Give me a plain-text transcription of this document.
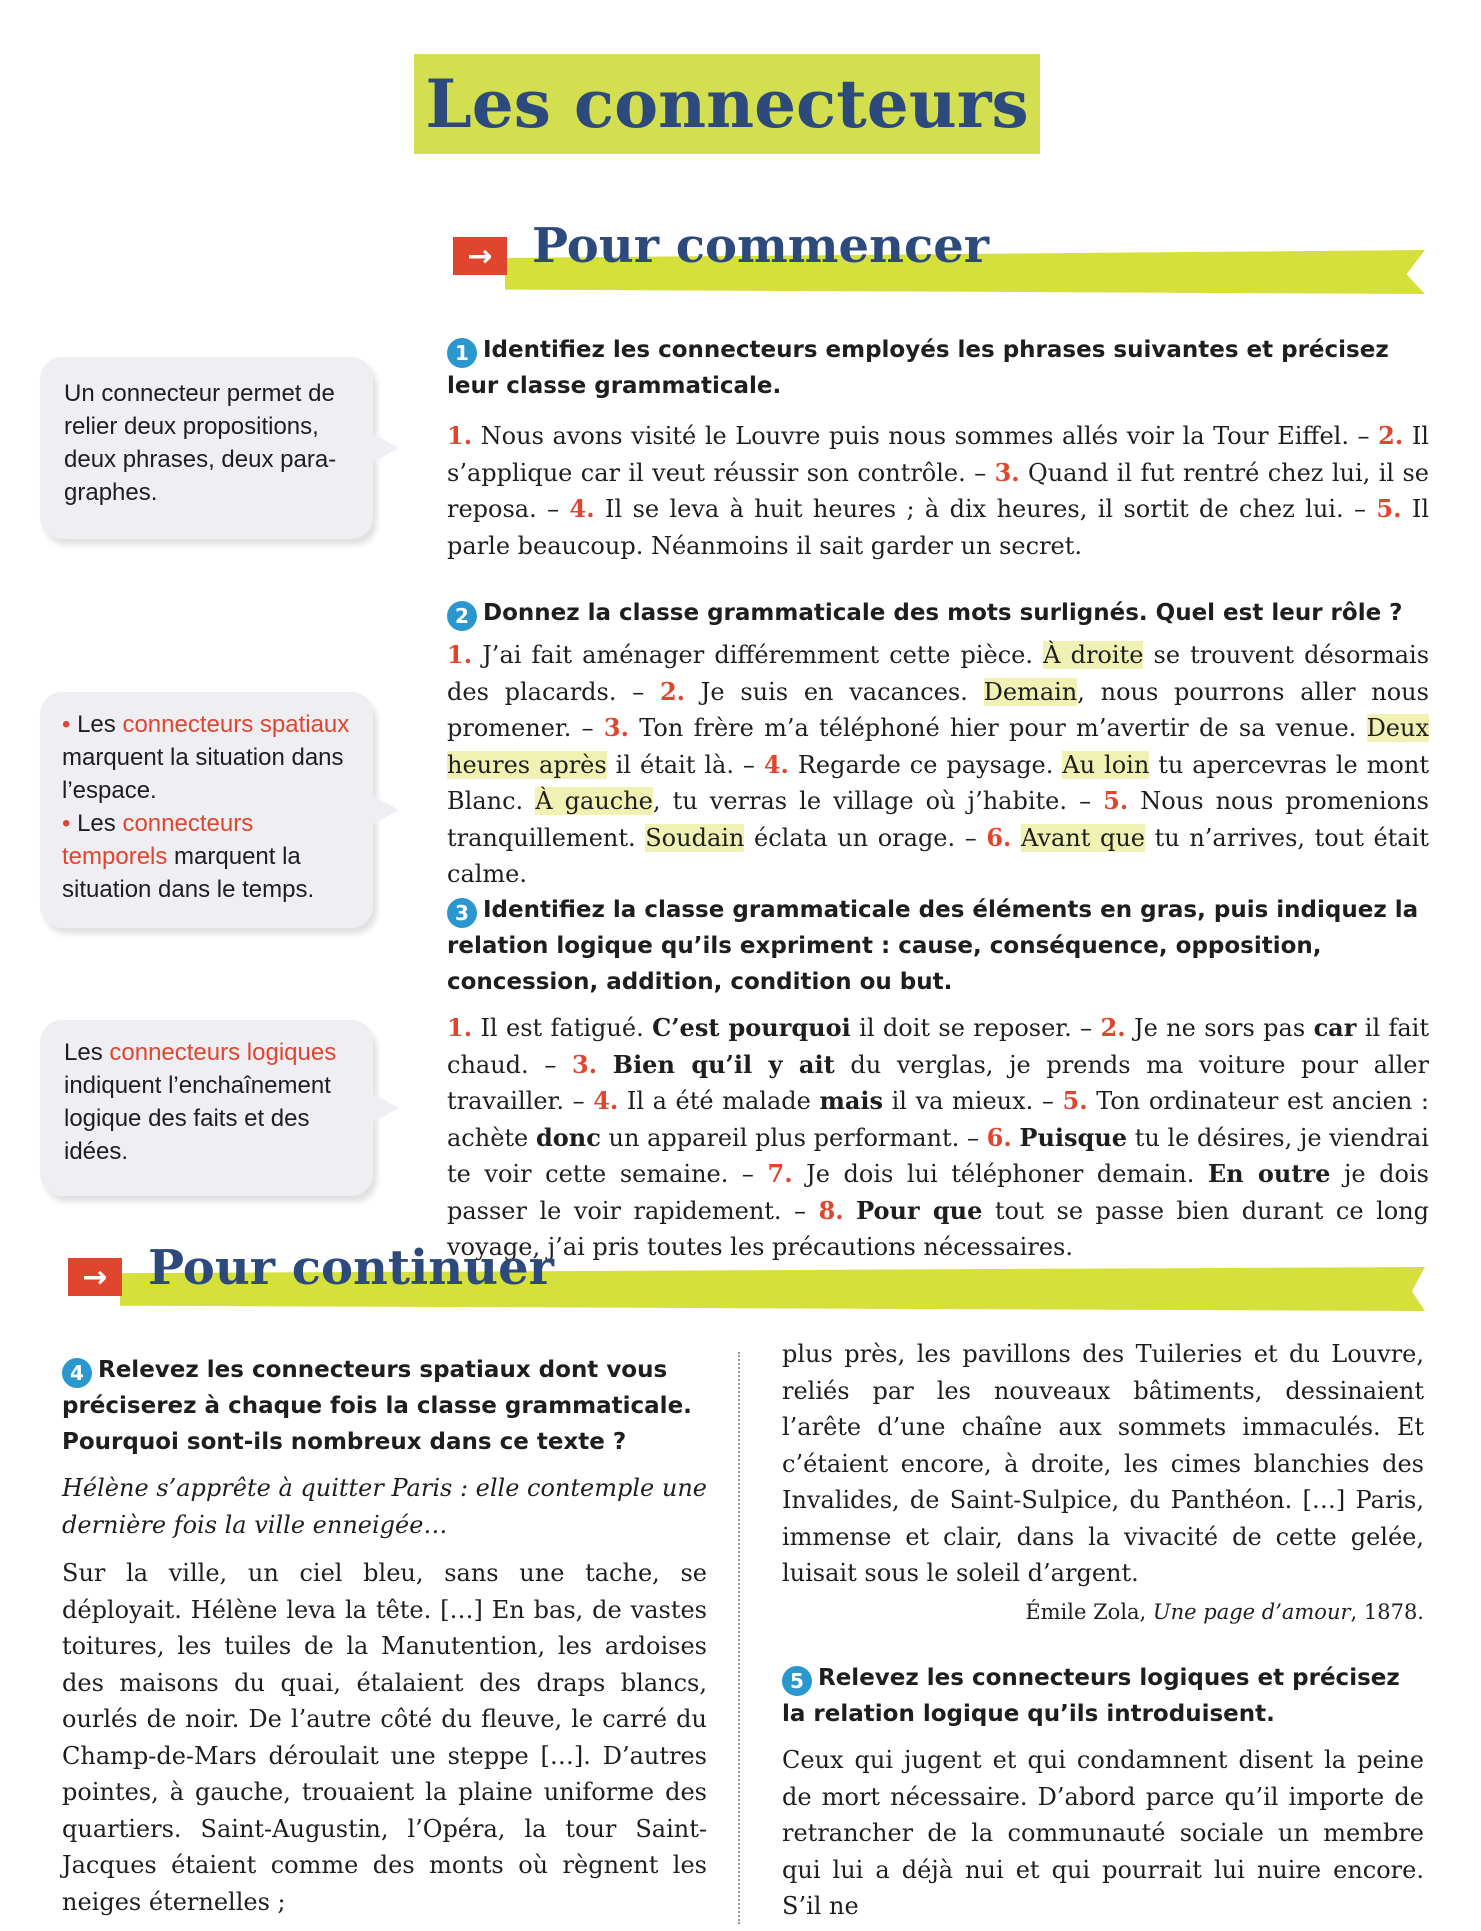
Les connecteurs
→ Pour commencer
Un connecteur permet de relier deux propositions, deux phrases, deux paragraphes.
• Les connecteurs spatiaux marquent la situation dans l’espace.
• Les connecteurs temporels marquent la situation dans le temps.
Les connecteurs logiques indiquent l’enchaînement logique des faits et des idées.
1 Identifiez les connecteurs employés les phrases suivantes et précisez leur classe grammaticale.
1. Nous avons visité le Louvre puis nous sommes allés voir la Tour Eiffel. – 2. Il s’applique car il veut réussir son contrôle. – 3. Quand il fut rentré chez lui, il se reposa. – 4. Il se leva à huit heures ; à dix heures, il sortit de chez lui. – 5. Il parle beaucoup. Néanmoins il sait garder un secret.
2 Donnez la classe grammaticale des mots surlignés. Quel est leur rôle ?
1. J’ai fait aménager différemment cette pièce. À droite se trouvent désormais des placards. – 2. Je suis en vacances. Demain, nous pourrons aller nous promener. – 3. Ton frère m’a téléphoné hier pour m’avertir de sa venue. Deux heures après il était là. – 4. Regarde ce paysage. Au loin tu apercevras le mont Blanc. À gauche, tu verras le village où j’habite. – 5. Nous nous promenions tranquillement. Soudain éclata un orage. – 6. Avant que tu n’arrives, tout était calme.
3 Identifiez la classe grammaticale des éléments en gras, puis indiquez la relation logique qu’ils expriment : cause, conséquence, opposition, concession, addition, condition ou but.
1. Il est fatigué. C’est pourquoi il doit se reposer. – 2. Je ne sors pas car il fait chaud. – 3. Bien qu’il y ait du verglas, je prends ma voiture pour aller travailler. – 4. Il a été malade mais il va mieux. – 5. Ton ordinateur est ancien : achète donc un appareil plus performant. – 6. Puisque tu le désires, je viendrai te voir cette semaine. – 7. Je dois lui téléphoner demain. En outre je dois passer le voir rapidement. – 8. Pour que tout se passe bien durant ce long voyage, j’ai pris toutes les précautions nécessaires.
→ Pour continuer
4 Relevez les connecteurs spatiaux dont vous préciserez à chaque fois la classe grammaticale. Pourquoi sont-ils nombreux dans ce texte ?
Hélène s’apprête à quitter Paris : elle contemple une dernière fois la ville enneigée…
Sur la ville, un ciel bleu, sans une tache, se déployait. Hélène leva la tête. […] En bas, de vastes toitures, les tuiles de la Manutention, les ardoises des maisons du quai, étalaient des draps blancs, ourlés de noir. De l’autre côté du fleuve, le carré du Champ-de-Mars déroulait une steppe […]. D’autres pointes, à gauche, trouaient la plaine uniforme des quartiers. Saint-Augustin, l’Opéra, la tour Saint-Jacques étaient comme des monts où règnent les neiges éternelles ;
plus près, les pavillons des Tuileries et du Louvre, reliés par les nouveaux bâtiments, dessinaient l’arête d’une chaîne aux sommets immaculés. Et c’étaient encore, à droite, les cimes blanchies des Invalides, de Saint-Sulpice, du Panthéon. […] Paris, immense et clair, dans la vivacité de cette gelée, luisait sous le soleil d’argent.
Émile Zola, Une page d’amour, 1878.
5 Relevez les connecteurs logiques et précisez la relation logique qu’ils introduisent.
Ceux qui jugent et qui condamnent disent la peine de mort nécessaire. D’abord parce qu’il importe de retrancher de la communauté sociale un membre qui lui a déjà nui et qui pourrait lui nuire encore. S’il ne
